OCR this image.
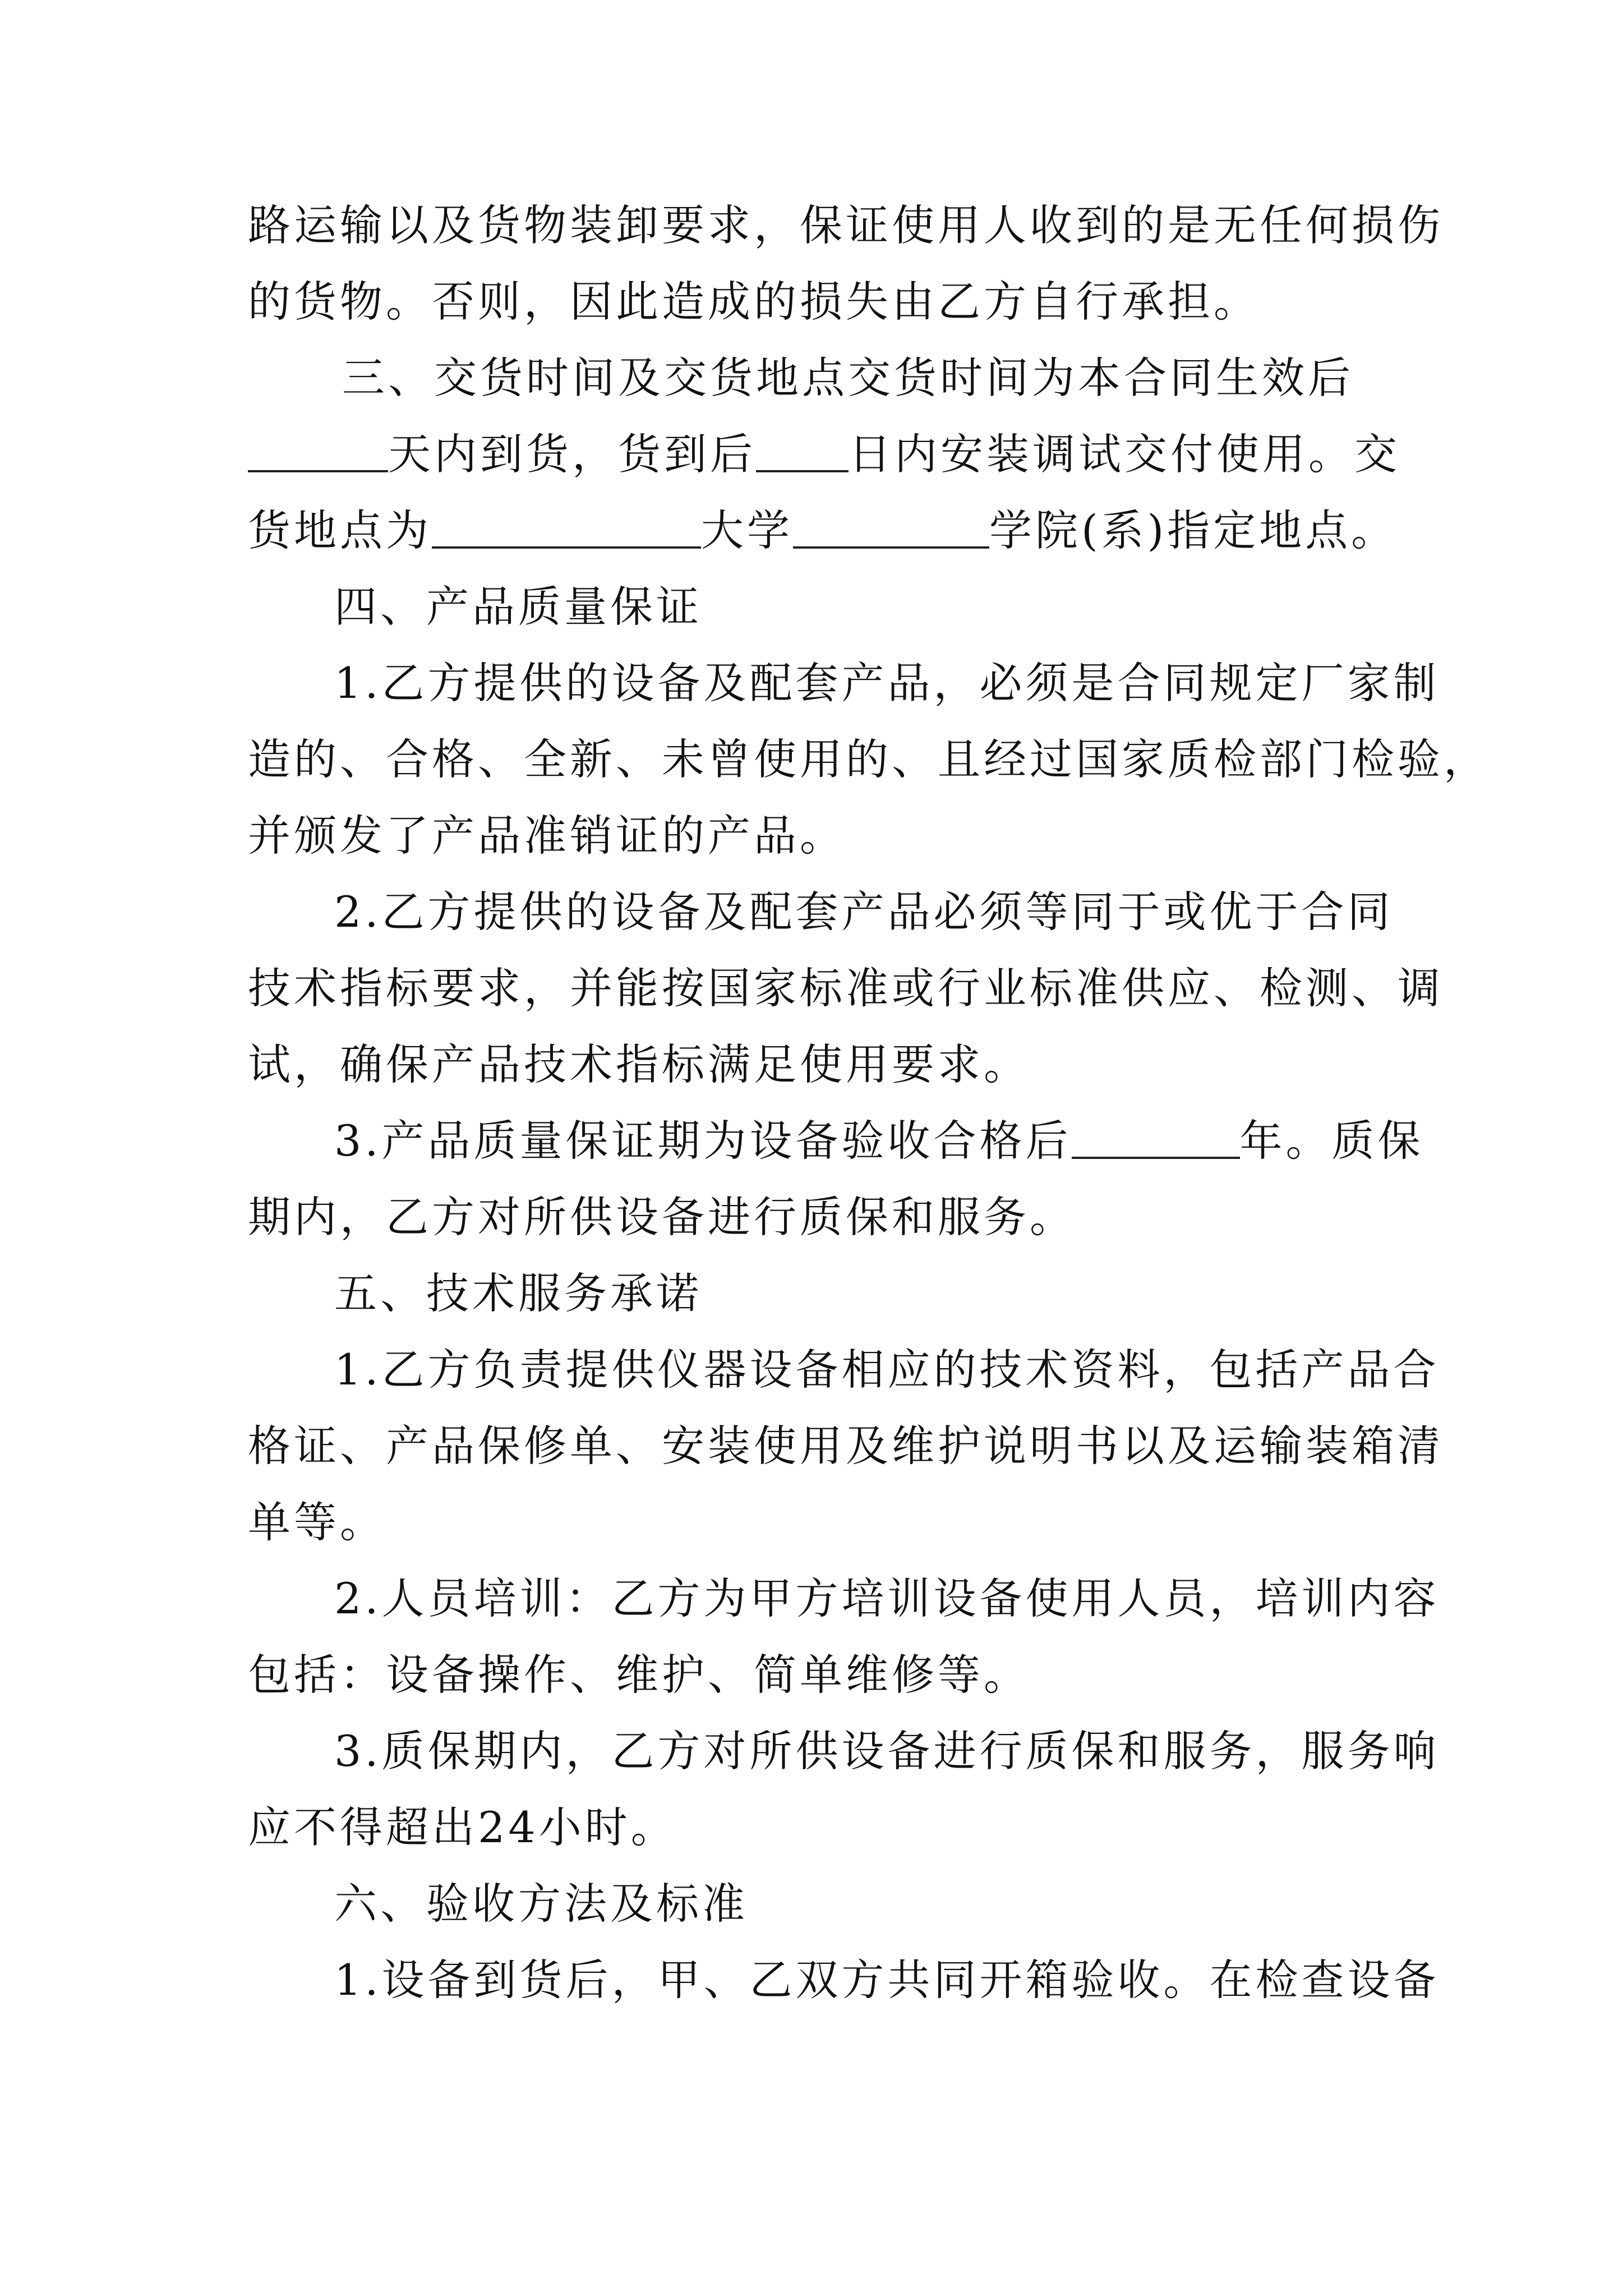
路运输以及货物装卸要求，保证使用人收到的是无任何损伤
的货物。否则，因此造成的损失由乙方自行承担。
三、交货时间及交货地点交货时间为本合同生效后
天内到货，货到后 日内安装调试交付使用。交
货地点为	大学	学院(系)指定地点。
四、产品质量保证
1.乙方提供的设备及配套产品，必须是合同规定厂家制
造的、合格、全新、未曾使用的、且经过国家质检部门检验，
并颁发了产品准销证的产品。
2.乙方提供的设备及配套产品必须等同于或优于合同
技术指标要求，并能按国家标准或行业标准供应、检测、调
试，确保产品技术指标满足使用要求。
3.产品质量保证期为设备验收合格后	年。质保
期内，乙方对所供设备进行质保和服务。
五、技术服务承诺
1.乙方负责提供仪器设备相应的技术资料，包括产品合
格证、产品保修单、安装使用及维护说明书以及运输装箱清
单等。
2.人员培训：乙方为甲方培训设备使用人员，培训内容
包括：设备操作、维护、简单维修等。
3.质保期内，乙方对所供设备进行质保和服务，服务响
应不得超出24小时。
六、验收方法及标准
1.设备到货后，甲、乙双方共同开箱验收。在检查设备
